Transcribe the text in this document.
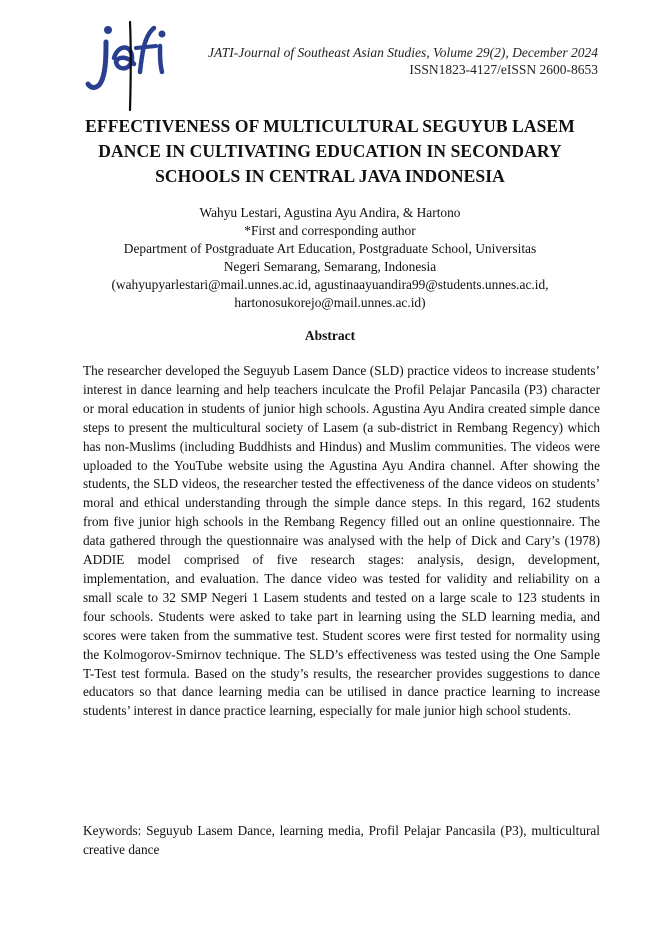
JATI-Journal of Southeast Asian Studies, Volume 29(2), December 2024
ISSN1823-4127/eISSN 2600-8653
EFFECTIVENESS OF MULTICULTURAL SEGUYUB LASEM
DANCE IN CULTIVATING EDUCATION IN SECONDARY
SCHOOLS IN CENTRAL JAVA INDONESIA
Wahyu Lestari, Agustina Ayu Andira, & Hartono
*First and corresponding author
Department of Postgraduate Art Education, Postgraduate School, Universitas
Negeri Semarang, Semarang, Indonesia
(wahyupyarlestari@mail.unnes.ac.id, agustinaayuandira99@students.unnes.ac.id,
hartonosukorejo@mail.unnes.ac.id)
Abstract

The researcher developed the Seguyub Lasem Dance (SLD) practice videos to increase students’ interest in dance learning and help teachers inculcate the Profil Pelajar Pancasila (P3) character or moral education in students of junior high schools. Agustina Ayu Andira created simple dance steps to present the multicultural society of Lasem (a sub-district in Rembang Regency) which has non-Muslims (including Buddhists and Hindus) and Muslim communities. The videos were uploaded to the YouTube website using the Agustina Ayu Andira channel. After showing the students, the SLD videos, the researcher tested the effectiveness of the dance videos on students’ moral and ethical understanding through the simple dance steps. In this regard, 162 students from five junior high schools in the Rembang Regency filled out an online questionnaire. The data gathered through the questionnaire was analysed with the help of Dick and Cary’s (1978) ADDIE model comprised of five research stages: analysis, design, development, implementation, and evaluation. The dance video was tested for validity and reliability on a small scale to 32 SMP Negeri 1 Lasem students and tested on a large scale to 123 students in four schools. Students were asked to take part in learning using the SLD learning media, and scores were taken from the summative test. Student scores were first tested for normality using the Kolmogorov-Smirnov technique. The SLD’s effectiveness was tested using the One Sample T-Test test formula. Based on the study’s results, the researcher provides suggestions to dance educators so that dance learning media can be utilised in dance practice learning to increase students’ interest in dance practice learning, especially for male junior high school students.

Keywords: Seguyub Lasem Dance, learning media, Profil Pelajar Pancasila (P3), multicultural creative dance
